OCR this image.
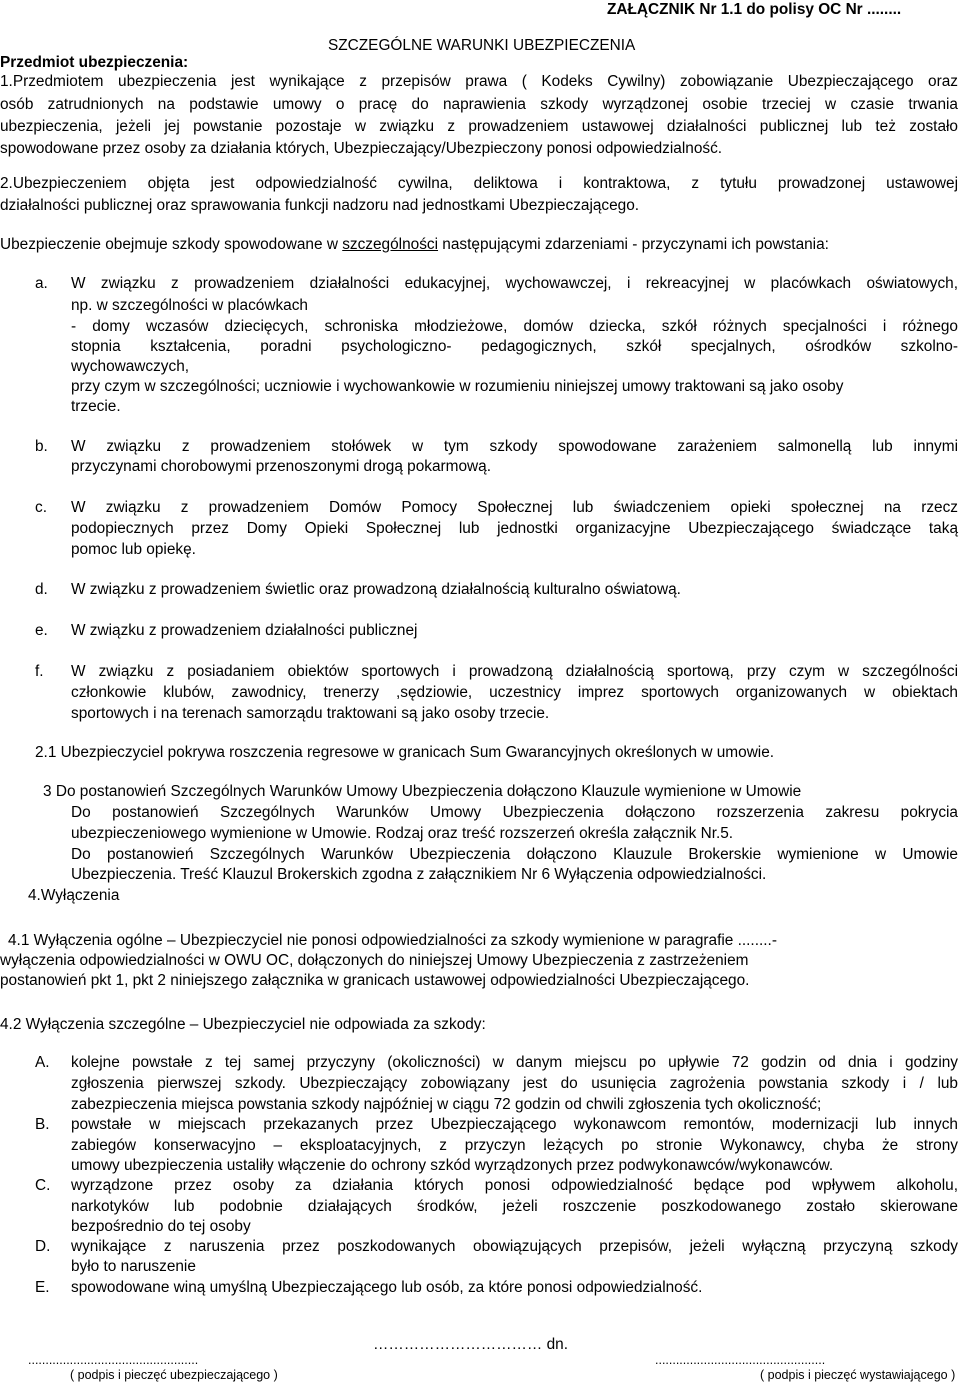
ZAŁĄCZNIK Nr 1.1 do polisy OC Nr ........
SZCZEGÓLNE WARUNKI UBEZPIECZENIA
Przedmiot ubezpieczenia:
1.Przedmiotem ubezpieczenia jest wynikające z przepisów prawa ( Kodeks Cywilny) zobowiązanie Ubezpieczającego oraz
osób zatrudnionych na podstawie umowy o pracę do naprawienia szkody wyrządzonej osobie trzeciej w czasie trwania
ubezpieczenia, jeżeli jej powstanie pozostaje w związku z prowadzeniem ustawowej działalności publicznej lub też zostało
spowodowane przez osoby za działania których, Ubezpieczający/Ubezpieczony ponosi odpowiedzialność.
2.Ubezpieczeniem objęta jest odpowiedzialność cywilna, deliktowa i kontraktowa, z tytułu prowadzonej ustawowej
działalności publicznej oraz sprawowania funkcji nadzoru nad jednostkami Ubezpieczającego.
Ubezpieczenie obejmuje szkody spowodowane w szczególności następującymi zdarzeniami - przyczynami ich powstania:
a. W związku z prowadzeniem działalności edukacyjnej, wychowawczej, i rekreacyjnej w placówkach oświatowych,
np. w szczególności w placówkach
- domy wczasów dziecięcych, schroniska młodzieżowe, domów dziecka, szkół różnych specjalności i różnego
stopnia kształcenia, poradni psychologiczno- pedagogicznych, szkół specjalnych, ośrodków szkolno-
wychowawczych,
przy czym w szczególności; uczniowie i wychowankowie w rozumieniu niniejszej umowy traktowani są jako osoby
trzecie.
b. W związku z prowadzeniem stołówek w tym szkody spowodowane zarażeniem salmonellą lub innymi
przyczynami chorobowymi przenoszonymi drogą pokarmową.
c. W związku z prowadzeniem Domów Pomocy Społecznej lub świadczeniem opieki społecznej na rzecz
podopiecznych przez Domy Opieki Społecznej lub jednostki organizacyjne Ubezpieczającego świadczące taką
pomoc lub opiekę.
d. W związku z prowadzeniem świetlic oraz prowadzoną działalnością kulturalno oświatową.
e. W związku z prowadzeniem działalności publicznej
f. W związku z posiadaniem obiektów sportowych i prowadzoną działalnością sportową, przy czym w szczególności
członkowie klubów, zawodnicy, trenerzy ,sędziowie, uczestnicy imprez sportowych organizowanych w obiektach
sportowych i na terenach samorządu traktowani są jako osoby trzecie.
2.1 Ubezpieczyciel pokrywa roszczenia regresowe w granicach Sum Gwarancyjnych określonych w umowie.
3 Do postanowień Szczególnych Warunków Umowy Ubezpieczenia dołączono Klauzule wymienione w Umowie
Do postanowień Szczególnych Warunków Umowy Ubezpieczenia dołączono rozszerzenia zakresu pokrycia
ubezpieczeniowego wymienione w Umowie. Rodzaj oraz treść rozszerzeń określa załącznik Nr.5.
Do postanowień Szczególnych Warunków Ubezpieczenia dołączono Klauzule Brokerskie wymienione w Umowie
Ubezpieczenia. Treść Klauzul Brokerskich zgodna z załącznikiem Nr 6 Wyłączenia odpowiedzialności.
4.Wyłączenia
4.1 Wyłączenia ogólne – Ubezpieczyciel nie ponosi odpowiedzialności za szkody wymienione w paragrafie ........-
wyłączenia odpowiedzialności w OWU OC, dołączonych do niniejszej Umowy Ubezpieczenia z zastrzeżeniem
postanowień pkt 1, pkt 2 niniejszego załącznika w granicach ustawowej odpowiedzialności Ubezpieczającego.
4.2 Wyłączenia szczególne – Ubezpieczyciel nie odpowiada za szkody:
A. kolejne powstałe z tej samej przyczyny (okoliczności) w danym miejscu po upływie 72 godzin od dnia i godziny
zgłoszenia pierwszej szkody. Ubezpieczający zobowiązany jest do usunięcia zagrożenia powstania szkody i / lub
zabezpieczenia miejsca powstania szkody najpóźniej w ciągu 72 godzin od chwili zgłoszenia tych okoliczność;
B. powstałe w miejscach przekazanych przez Ubezpieczającego wykonawcom remontów, modernizacji lub innych
zabiegów konserwacyjno – eksploatacyjnych, z przyczyn leżących po stronie Wykonawcy, chyba że strony
umowy ubezpieczenia ustaliły włączenie do ochrony szkód wyrządzonych przez podwykonawców/wykonawców.
C. wyrządzone przez osoby za działania których ponosi odpowiedzialność będące pod wpływem alkoholu,
narkotyków lub podobnie działających środków, jeżeli roszczenie poszkodowanego zostało skierowane
bezpośrednio do tej osoby
D. wynikające z naruszenia przez poszkodowanych obowiązujących przepisów, jeżeli wyłączną przyczyną szkody
było to naruszenie
E. spowodowane winą umyślną Ubezpieczającego lub osób, za które ponosi odpowiedzialność.
…………………………… dn.
.................................................
( podpis i pieczęć ubezpieczającego )
.................................................
( podpis i pieczęć wystawiającego )
